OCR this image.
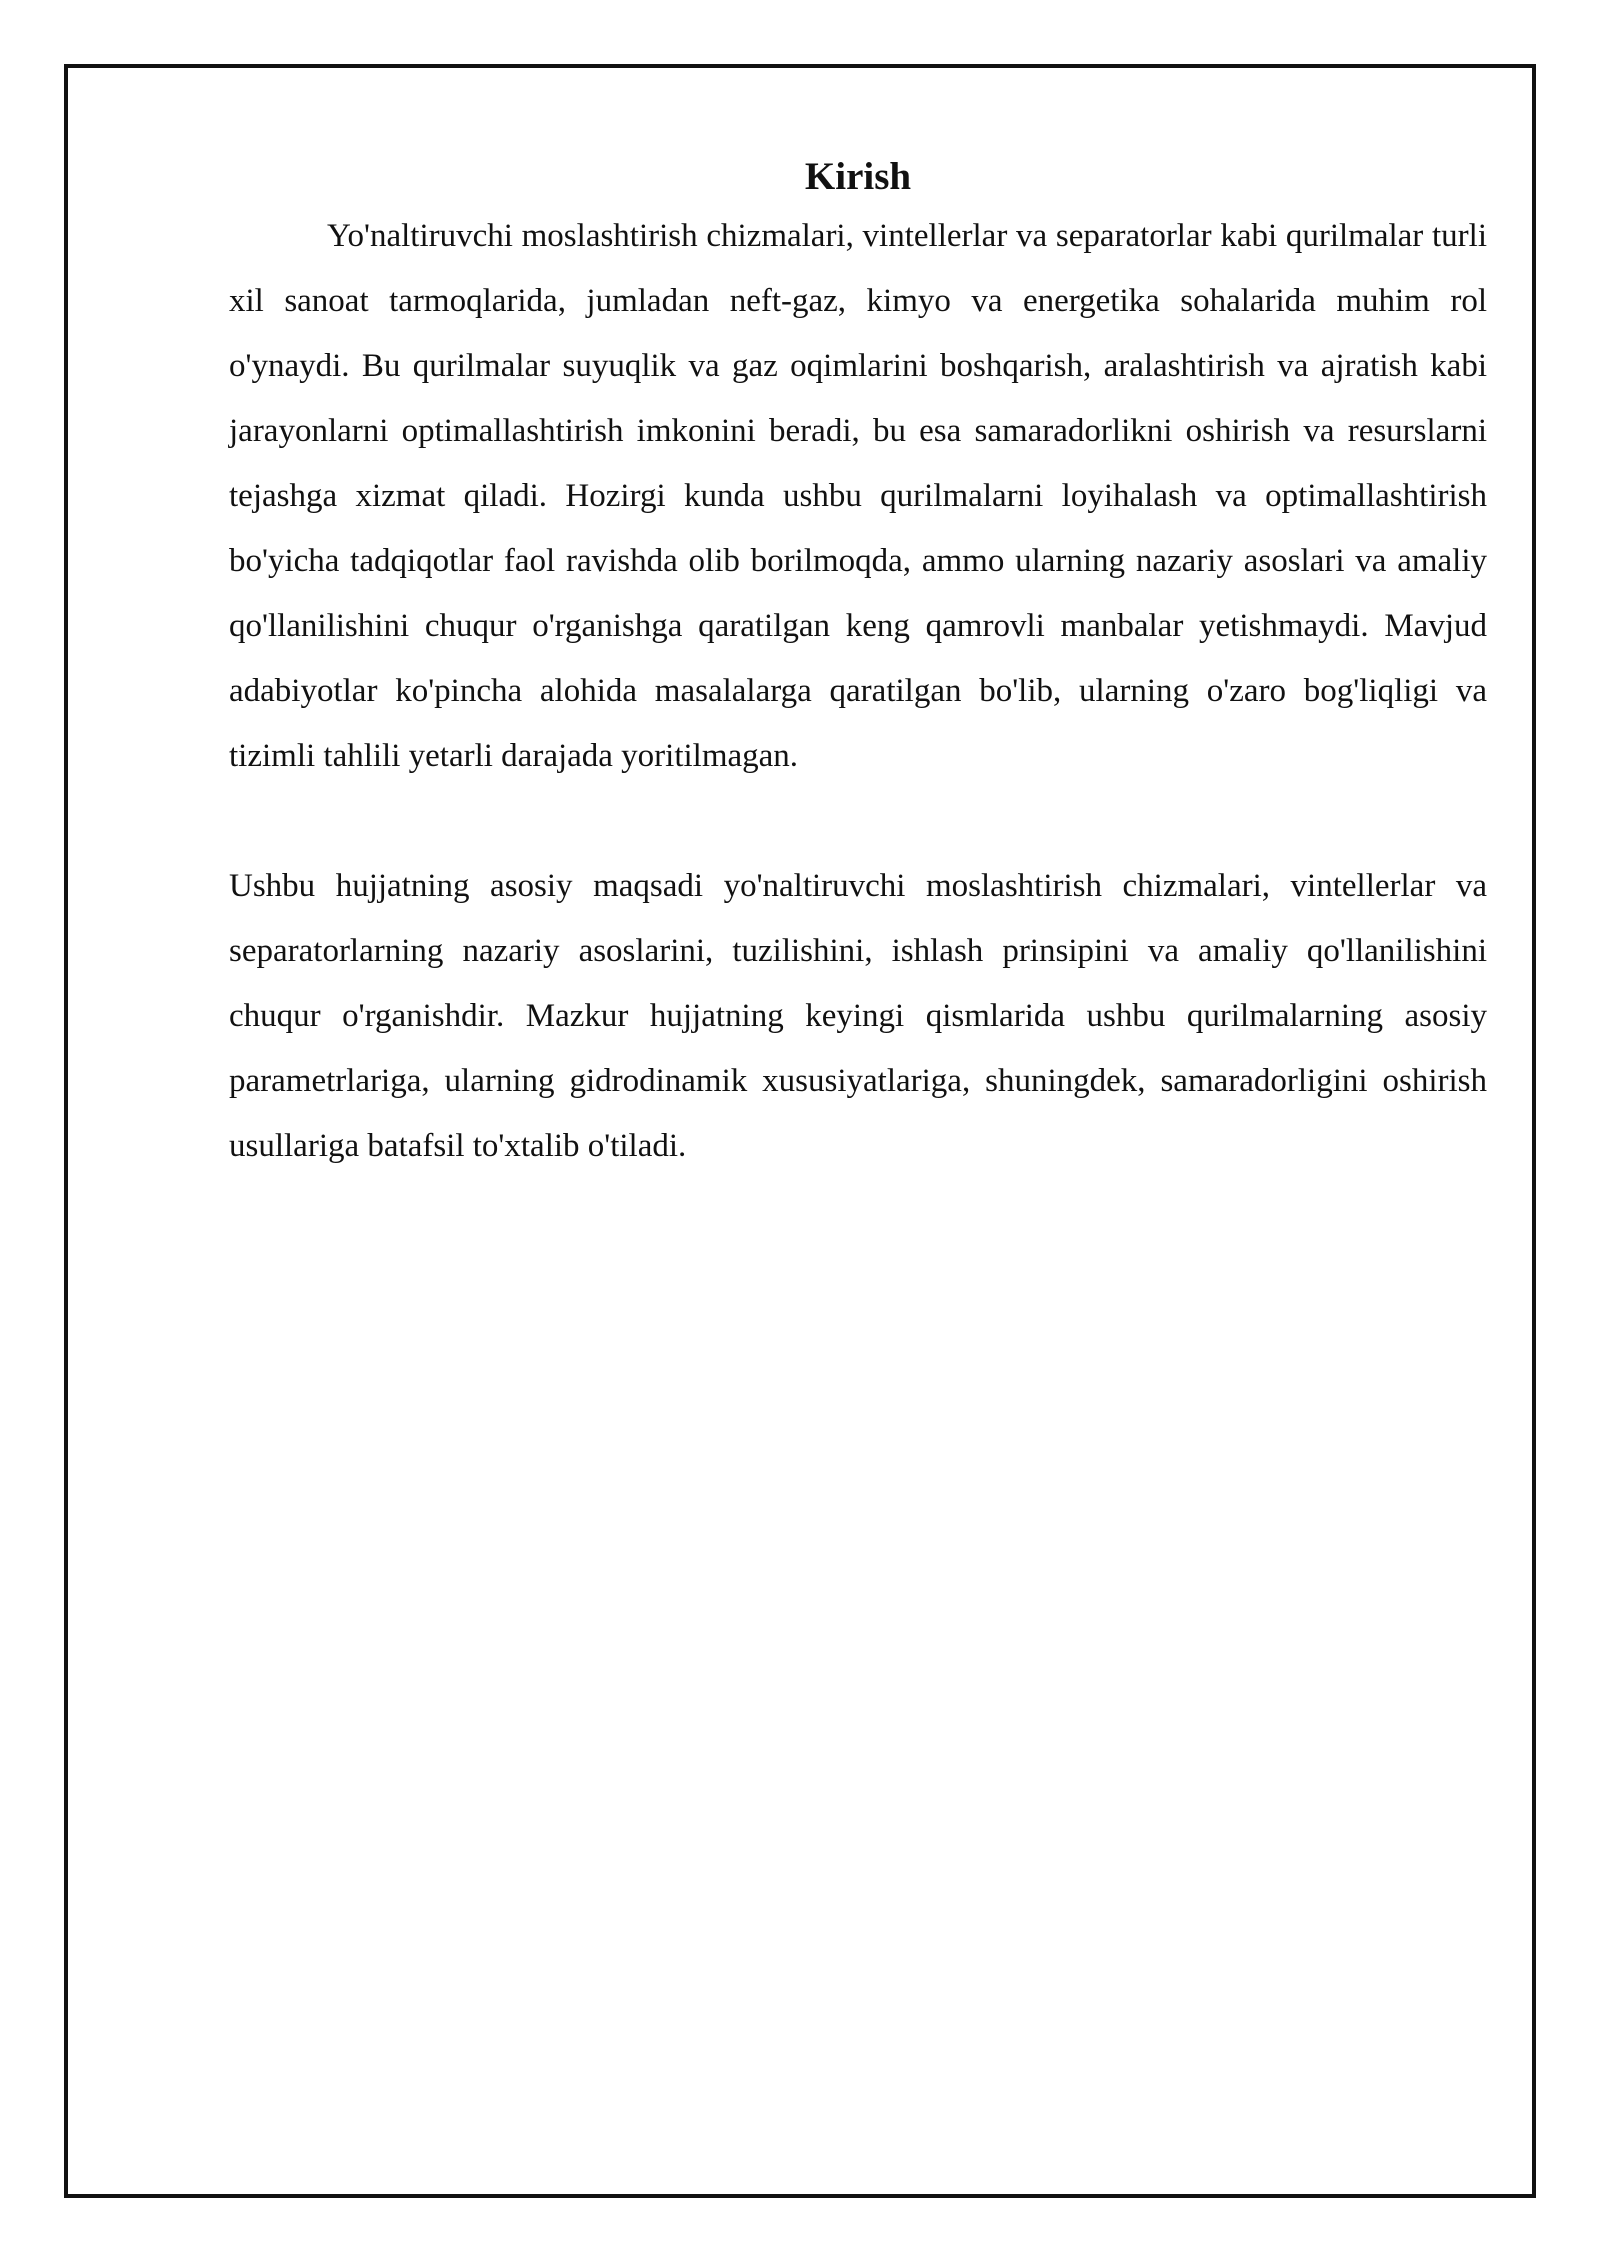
Kirish

Yo'naltiruvchi moslashtirish chizmalari, vintellerlar va separatorlar kabi qurilmalar turli xil sanoat tarmoqlarida, jumladan neft-gaz, kimyo va energetika sohalarida muhim rol o'ynaydi. Bu qurilmalar suyuqlik va gaz oqimlarini boshqarish, aralashtirish va ajratish kabi jarayonlarni optimallashtirish imkonini beradi, bu esa samaradorlikni oshirish va resurslarni tejashga xizmat qiladi. Hozirgi kunda ushbu qurilmalarni loyihalash va optimallashtirish bo'yicha tadqiqotlar faol ravishda olib borilmoqda, ammo ularning nazariy asoslari va amaliy qo'llanilishini chuqur o'rganishga qaratilgan keng qamrovli manbalar yetishmaydi. Mavjud adabiyotlar ko'pincha alohida masalalarga qaratilgan bo'lib, ularning o'zaro bog'liqligi va tizimli tahlili yetarli darajada yoritilmagan.

Ushbu hujjatning asosiy maqsadi yo'naltiruvchi moslashtirish chizmalari, vintellerlar va separatorlarning nazariy asoslarini, tuzilishini, ishlash prinsipini va amaliy qo'llanilishini chuqur o'rganishdir. Mazkur hujjatning keyingi qismlarida ushbu qurilmalarning asosiy parametrlariga, ularning gidrodinamik xususiyatlariga, shuningdek, samaradorligini oshirish usullariga batafsil to'xtalib o'tiladi.
